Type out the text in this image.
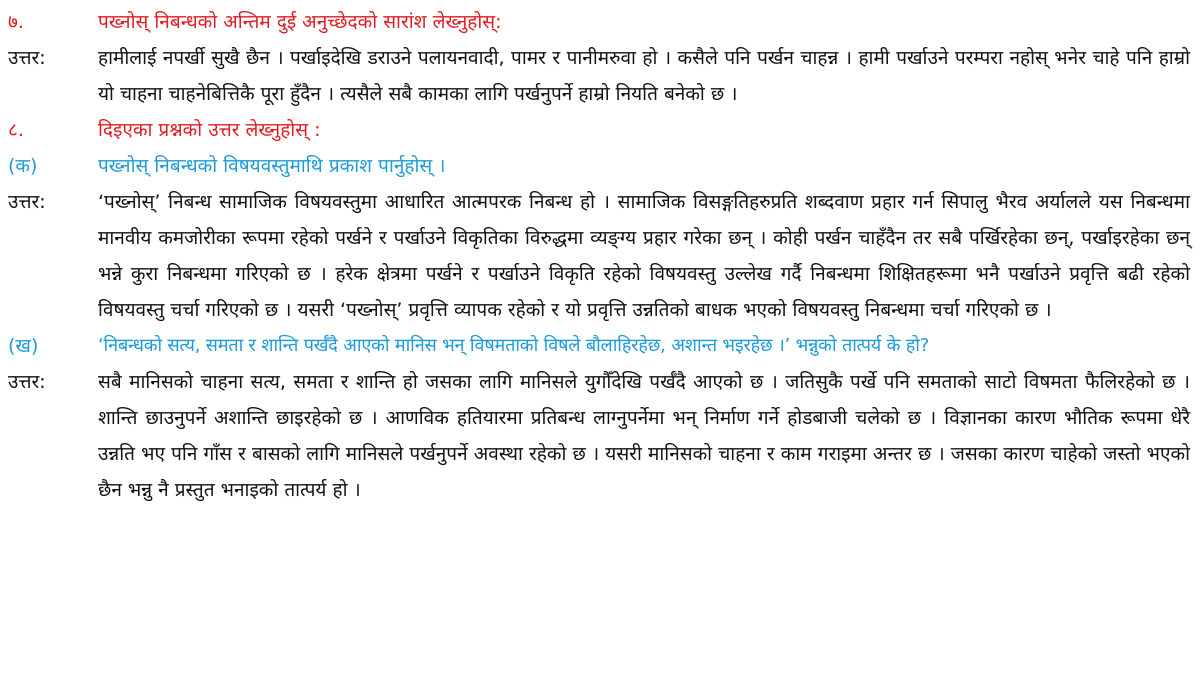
७.	पख्नोस् निबन्धको अन्तिम दुई अनुच्छेदको सारांश लेख्नुहोस्:
उत्तर:	हामीलाई नपर्खी सुखै छैन । पर्खाइदेखि डराउने पलायनवादी, पामर र पानीमरुवा हो । कसैले पनि पर्खन चाहन्न । हामी पर्खाउने परम्परा नहोस् भनेर चाहे पनि हाम्रो यो चाहना चाहनेबित्तिकै पूरा हुँदैन । त्यसैले सबै कामका लागि पर्खनुपर्ने हाम्रो नियति बनेको छ ।
८.	दिइएका प्रश्नको उत्तर लेख्नुहोस् :
(क)	पख्नोस् निबन्धको विषयवस्तुमाथि प्रकाश पार्नुहोस् ।
उत्तर:	‘पख्नोस्’ निबन्ध सामाजिक विषयवस्तुमा आधारित आत्मपरक निबन्ध हो । सामाजिक विसङ्गतिहरुप्रति शब्दवाण प्रहार गर्न सिपालु भैरव अर्यालले यस निबन्धमा मानवीय कमजोरीका रूपमा रहेको पर्खने र पर्खाउने विकृतिका विरुद्धमा व्यङ्ग्य प्रहार गरेका छन् । कोही पर्खन चाहँदैन तर सबै पर्खिरहेका छन्, पर्खाइरहेका छन् भन्ने कुरा निबन्धमा गरिएको छ । हरेक क्षेत्रमा पर्खने र पर्खाउने विकृति रहेको विषयवस्तु उल्लेख गर्दै निबन्धमा शिक्षितहरूमा भनै पर्खाउने प्रवृत्ति बढी रहेको विषयवस्तु चर्चा गरिएको छ । यसरी ‘पख्नोस्’ प्रवृत्ति व्यापक रहेको र यो प्रवृत्ति उन्नतिको बाधक भएको विषयवस्तु निबन्धमा चर्चा गरिएको छ ।
(ख)	‘निबन्धको सत्य, समता र शान्ति पर्खँदै आएको मानिस भन् विषमताको विषले बौलाहिरहेछ, अशान्त भइरहेछ ।’ भन्नुको तात्पर्य के हो?
उत्तर:	सबै मानिसको चाहना सत्य, समता र शान्ति हो जसका लागि मानिसले युगौँदेखि पर्खँदै आएको छ । जतिसुकै पर्खे पनि समताको साटो विषमता फैलिरहेको छ । शान्ति छाउनुपर्ने अशान्ति छाइरहेको छ । आणविक हतियारमा प्रतिबन्ध लाग्नुपर्नेमा भन् निर्माण गर्ने होडबाजी चलेको छ । विज्ञानका कारण भौतिक रूपमा धेरै उन्नति भए पनि गाँस र बासको लागि मानिसले पर्खनुपर्ने अवस्था रहेको छ । यसरी मानिसको चाहना र काम गराइमा अन्तर छ । जसका कारण चाहेको जस्तो भएको छैन भन्नु नै प्रस्तुत भनाइको तात्पर्य हो ।
